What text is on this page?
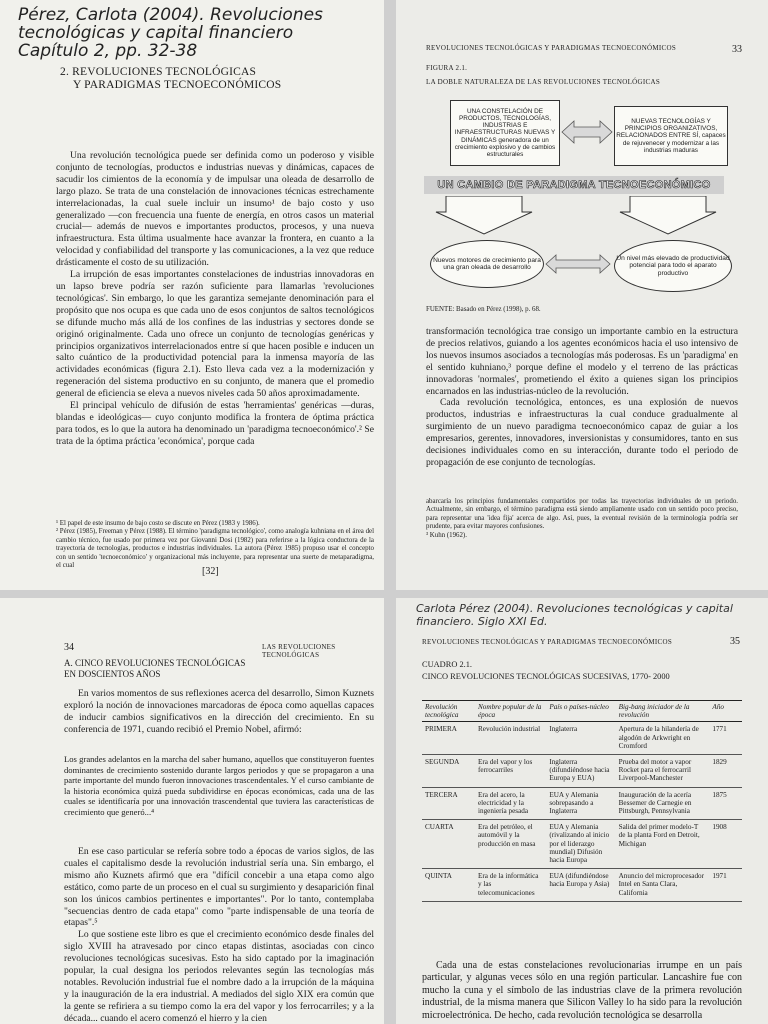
Pérez, Carlota (2004). Revoluciones
tecnológicas y capital financiero
Capítulo 2, pp. 32-38
2. REVOLUCIONES TECNOLÓGICAS
Y PARADIGMAS TECNOECONÓMICOS

Una revolución tecnológica puede ser definida como un poderoso y visible conjunto de tecnologías, productos e industrias nuevas y dinámicas, capaces de sacudir los cimientos de la economía y de impulsar una oleada de desarrollo de largo plazo. Se trata de una constelación de innovaciones técnicas estrechamente interrelacionadas, la cual suele incluir un insumo¹ de bajo costo y uso generalizado —con frecuencia una fuente de energía, en otros casos un material crucial— además de nuevos e importantes productos, procesos, y una nueva infraestructura. Esta última usualmente hace avanzar la frontera, en cuanto a la velocidad y confiabilidad del transporte y las comunicaciones, a la vez que reduce drásticamente el costo de su utilización.

La irrupción de esas importantes constelaciones de industrias innovadoras en un lapso breve podría ser razón suficiente para llamarlas 'revoluciones tecnológicas'. Sin embargo, lo que les garantiza semejante denominación para el propósito que nos ocupa es que cada uno de esos conjuntos de saltos tecnológicos se difunde mucho más allá de los confines de las industrias y sectores donde se originó originalmente. Cada uno ofrece un conjunto de tecnologías genéricas y principios organizativos interrelacionados entre sí que hacen posible e inducen un salto cuántico de la productividad potencial para la inmensa mayoría de las actividades económicas (figura 2.1). Esto lleva cada vez a la modernización y regeneración del sistema productivo en su conjunto, de manera que el promedio general de eficiencia se eleva a nuevos niveles cada 50 años aproximadamente.

El principal vehículo de difusión de estas 'herramientas' genéricas —duras, blandas e ideológicas— cuyo conjunto modifica la frontera de óptima práctica para todos, es lo que la autora ha denominado un 'paradigma tecnoeconómico'.² Se trata de la óptima práctica 'económica', porque cada

¹ El papel de este insumo de bajo costo se discute en Pérez (1983 y 1986).

² Pérez (1985), Freeman y Pérez (1988). El término 'paradigma tecnológico', como analogía kuhniana en el área del cambio técnico, fue usado por primera vez por Giovanni Dosi (1982) para referirse a la lógica conductora de la trayectoria de tecnologías, productos e industrias individuales. La autora (Pérez 1985) propuso usar el concepto con un sentido 'tecnoeconómico' y organizacional más incluyente, para representar una suerte de metaparadigma, el cual

[32]
REVOLUCIONES TECNOLÓGICAS Y PARADIGMAS TECNOECONÓMICOS	33
FIGURA 2.1.
LA DOBLE NATURALEZA DE LAS REVOLUCIONES TECNOLÓGICAS
UNA CONSTELACIÓN DE PRODUCTOS, TECNOLOGÍAS, INDUSTRIAS E INFRAESTRUCTURAS NUEVAS Y DINÁMICAS generadora de un crecimiento explosivo y de cambios estructurales
NUEVAS TECNOLOGÍAS Y PRINCIPIOS ORGANIZATIVOS, RELACIONADOS ENTRE SÍ, capaces de rejuvenecer y modernizar a las industrias maduras
UN CAMBIO DE PARADIGMA TECNOECONÓMICO
Nuevos motores de crecimiento para una gran oleada de desarrollo
Un nivel más elevado de productividad potencial para todo el aparato productivo
FUENTE: Basado en Pérez (1998), p. 68.

transformación tecnológica trae consigo un importante cambio en la estructura de precios relativos, guiando a los agentes económicos hacia el uso intensivo de los nuevos insumos asociados a tecnologías más poderosas. Es un 'paradigma' en el sentido kuhniano,³ porque define el modelo y el terreno de las prácticas innovadoras 'normales', prometiendo el éxito a quienes sigan los principios encarnados en las industrias-núcleo de la revolución.

Cada revolución tecnológica, entonces, es una explosión de nuevos productos, industrias e infraestructuras la cual conduce gradualmente al surgimiento de un nuevo paradigma tecnoeconómico capaz de guiar a los empresarios, gerentes, innovadores, inversionistas y consumidores, tanto en sus decisiones individuales como en su interacción, durante todo el periodo de propagación de ese conjunto de tecnologías.

abarcaría los principios fundamentales compartidos por todas las trayectorias individuales de un periodo. Actualmente, sin embargo, el término paradigma está siendo ampliamente usado con un sentido poco preciso, para representar una 'idea fija' acerca de algo. Así, pues, la eventual revisión de la terminología podría ser prudente, para evitar mayores confusiones.

³ Kuhn (1962).

34	LAS REVOLUCIONES TECNOLÓGICAS
A. CINCO REVOLUCIONES TECNOLÓGICAS
EN DOSCIENTOS AÑOS

En varios momentos de sus reflexiones acerca del desarrollo, Simon Kuznets exploró la noción de innovaciones marcadoras de época como aquellas capaces de inducir cambios significativos en la dirección del crecimiento. En su conferencia de 1971, cuando recibió el Premio Nobel, afirmó:

Los grandes adelantos en la marcha del saber humano, aquellos que constituyeron fuentes dominantes de crecimiento sostenido durante largos periodos y que se propagaron a una parte importante del mundo fueron innovaciones trascendentales. Y el curso cambiante de la historia económica quizá pueda subdividirse en épocas económicas, cada una de las cuales se identificaría por una innovación trascendental que tuviera las características de crecimiento que generó...⁴

En ese caso particular se refería sobre todo a épocas de varios siglos, de las cuales el capitalismo desde la revolución industrial sería una. Sin embargo, el mismo año Kuznets afirmó que era "difícil concebir a una etapa como algo estático, como parte de un proceso en el cual su surgimiento y desaparición final son los únicos cambios pertinentes e importantes". Por lo tanto, contemplaba "secuencias dentro de cada etapa" como "parte indispensable de una teoría de etapas".⁵

Lo que sostiene este libro es que el crecimiento económico desde finales del siglo XVIII ha atravesado por cinco etapas distintas, asociadas con cinco revoluciones tecnológicas sucesivas. Esto ha sido captado por la imaginación popular, la cual designa los periodos relevantes según las tecnologías más notables. Revolución industrial fue el nombre dado a la irrupción de la máquina y la inauguración de la era industrial. A mediados del siglo XIX era común que la gente se refiriera a su tiempo como la era del vapor y los ferrocarriles; y a la década... cuando el acero comenzó el hierro y la cien

Carlota Pérez (2004). Revoluciones tecnológicas y capital financiero. Siglo XXI Ed.
REVOLUCIONES TECNOLÓGICAS Y PARADIGMAS TECNOECONÓMICOS	35
CUADRO 2.1.
CINCO REVOLUCIONES TECNOLÓGICAS SUCESIVAS, 1770- 2000
Revolución tecnológica	Nombre popular de la época	País o países-núcleo	Big-bang iniciador de la revolución	Año
PRIMERA	Revolución industrial	Inglaterra	Apertura de la hilandería de algodón de Arkwright en Cromford	1771
SEGUNDA	Era del vapor y los ferrocarriles	Inglaterra (difundiéndose hacia Europa y EUA)	Prueba del motor a vapor Rocket para el ferrocarril Liverpool-Manchester	1829
TERCERA	Era del acero, la electricidad y la ingeniería pesada	EUA y Alemania sobrepasando a Inglaterra	Inauguración de la acería Bessemer de Carnegie en Pittsburgh, Pennsylvania	1875
CUARTA	Era del petróleo, el automóvil y la producción en masa	EUA y Alemania (rivalizando al inicio por el liderazgo mundial) Difusión hacia Europa	Salida del primer modelo-T de la planta Ford en Detroit, Michigan	1908
QUINTA	Era de la informática y las telecomunicaciones	EUA (difundiéndose hacia Europa y Asia)	Anuncio del microprocesador Intel en Santa Clara, California	1971

Cada una de estas constelaciones revolucionarias irrumpe en un país particular, y algunas veces sólo en una región particular. Lancashire fue con mucho la cuna y el símbolo de las industrias clave de la primera revolución industrial, de la misma manera que Silicon Valley lo ha sido para la revolución microelectrónica. De hecho, cada revolución tecnológica se desarrolla
